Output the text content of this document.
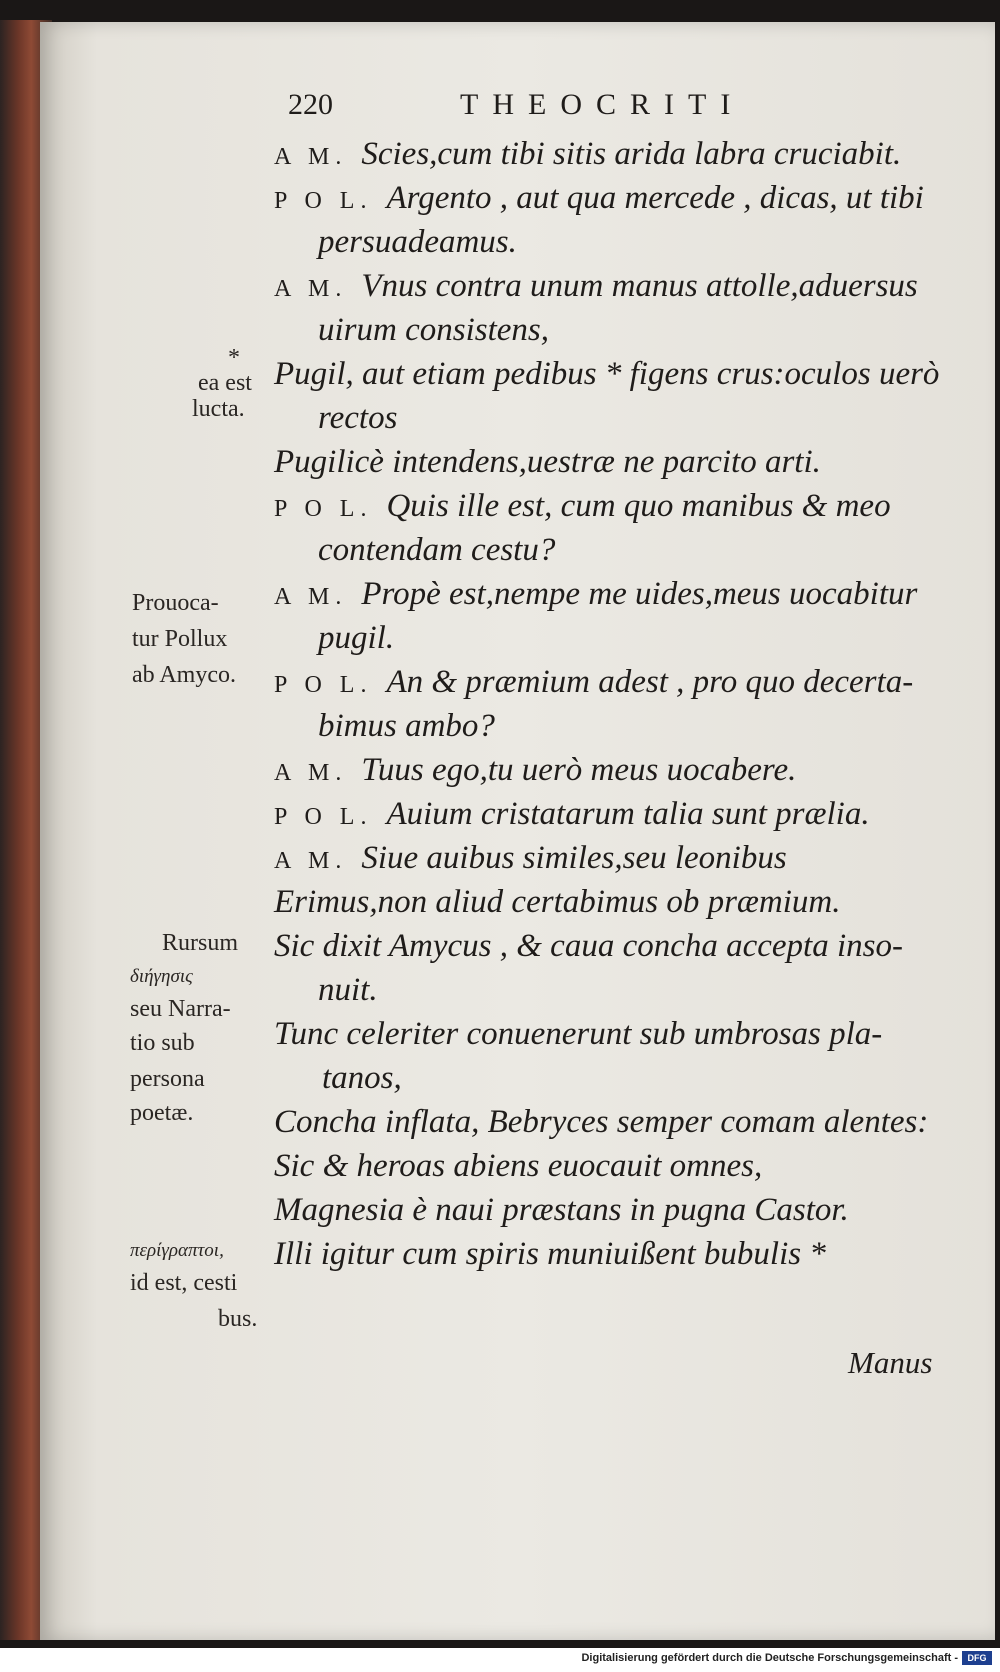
220	THEOCRITI
A M. Scies,cum tibi sitis arida labra cruciabit.
P O L. Argento , aut qua mercede , dicas, ut tibi
persuadeamus.
A M. Vnus contra unum manus attolle,aduersus
uirum consistens,
Pugil, aut etiam pedibus * figens crus:oculos uerò
rectos
Pugilicè intendens,uestræ ne parcito arti.
P O L. Quis ille est, cum quo manibus & meo
contendam cestu?
A M. Propè est,nempe me uides,meus uocabitur
pugil.
P O L. An & præmium adest , pro quo decerta-
bimus ambo?
A M. Tuus ego,tu uerò meus uocabere.
P O L. Auium cristatarum talia sunt prælia.
A M. Siue auibus similes,seu leonibus
Erimus,non aliud certabimus ob præmium.
Sic dixit Amycus , & caua concha accepta inso-
nuit.
Tunc celeriter conuenerunt sub umbrosas pla-
tanos,
Concha inflata, Bebryces semper comam alentes:
Sic & heroas abiens euocauit omnes,
Magnesia è naui præstans in pugna Castor.
Illi igitur cum spiris muniuißent bubulis *
*
ea est
lucta.
Prouoca-
tur Pollux
ab Amyco.
Rursum
διήγησις
seu Narra-
tio sub
persona
poetæ.
περίγραπτοι,
id est, cesti
bus.
Manus
Digitalisierung gefördert durch die Deutsche Forschungsgemeinschaft -	DFG
